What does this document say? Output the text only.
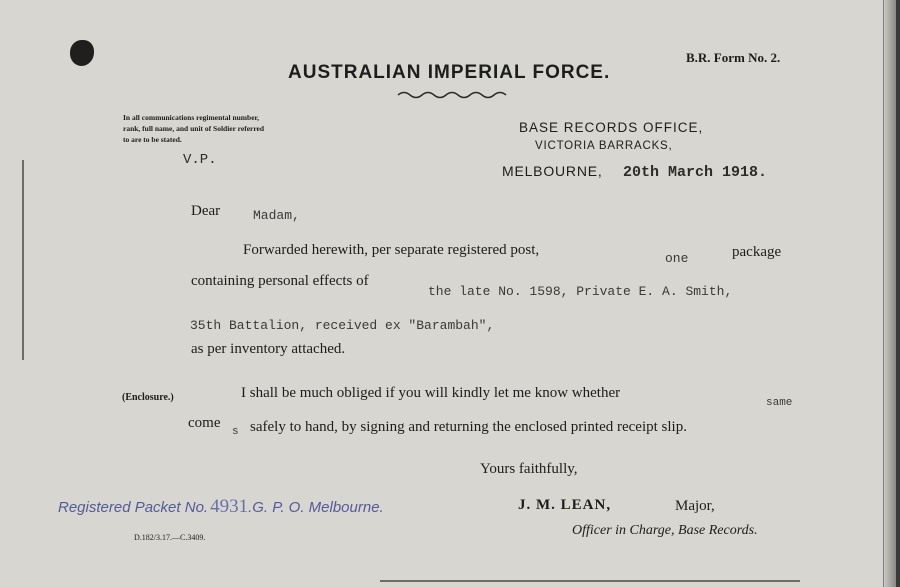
B.R. Form No. 2.
AUSTRALIAN IMPERIAL FORCE.
In all communications regimental number,
rank, full name, and unit of Soldier referred
to are to be stated.
BASE RECORDS OFFICE,
VICTORIA BARRACKS,
MELBOURNE, 20th March 1918.
V.P.
Dear	Madam,
Forwarded herewith, per separate registered post,
one	package
containing personal effects of
the late No. 1598, Private E. A. Smith,
35th Battalion, received ex "Barambah",
as per inventory attached.
(Enclosure.)	I shall be much obliged if you will kindly let me know whether
same
come
s safely to hand, by signing and returning the enclosed printed receipt slip.
Yours faithfully,
J. M. LEAN,	Major,
Officer in Charge, Base Records.
Registered Packet No. 4931.G. P. O. Melbourne.
D.182/3.17.—C.3409.
